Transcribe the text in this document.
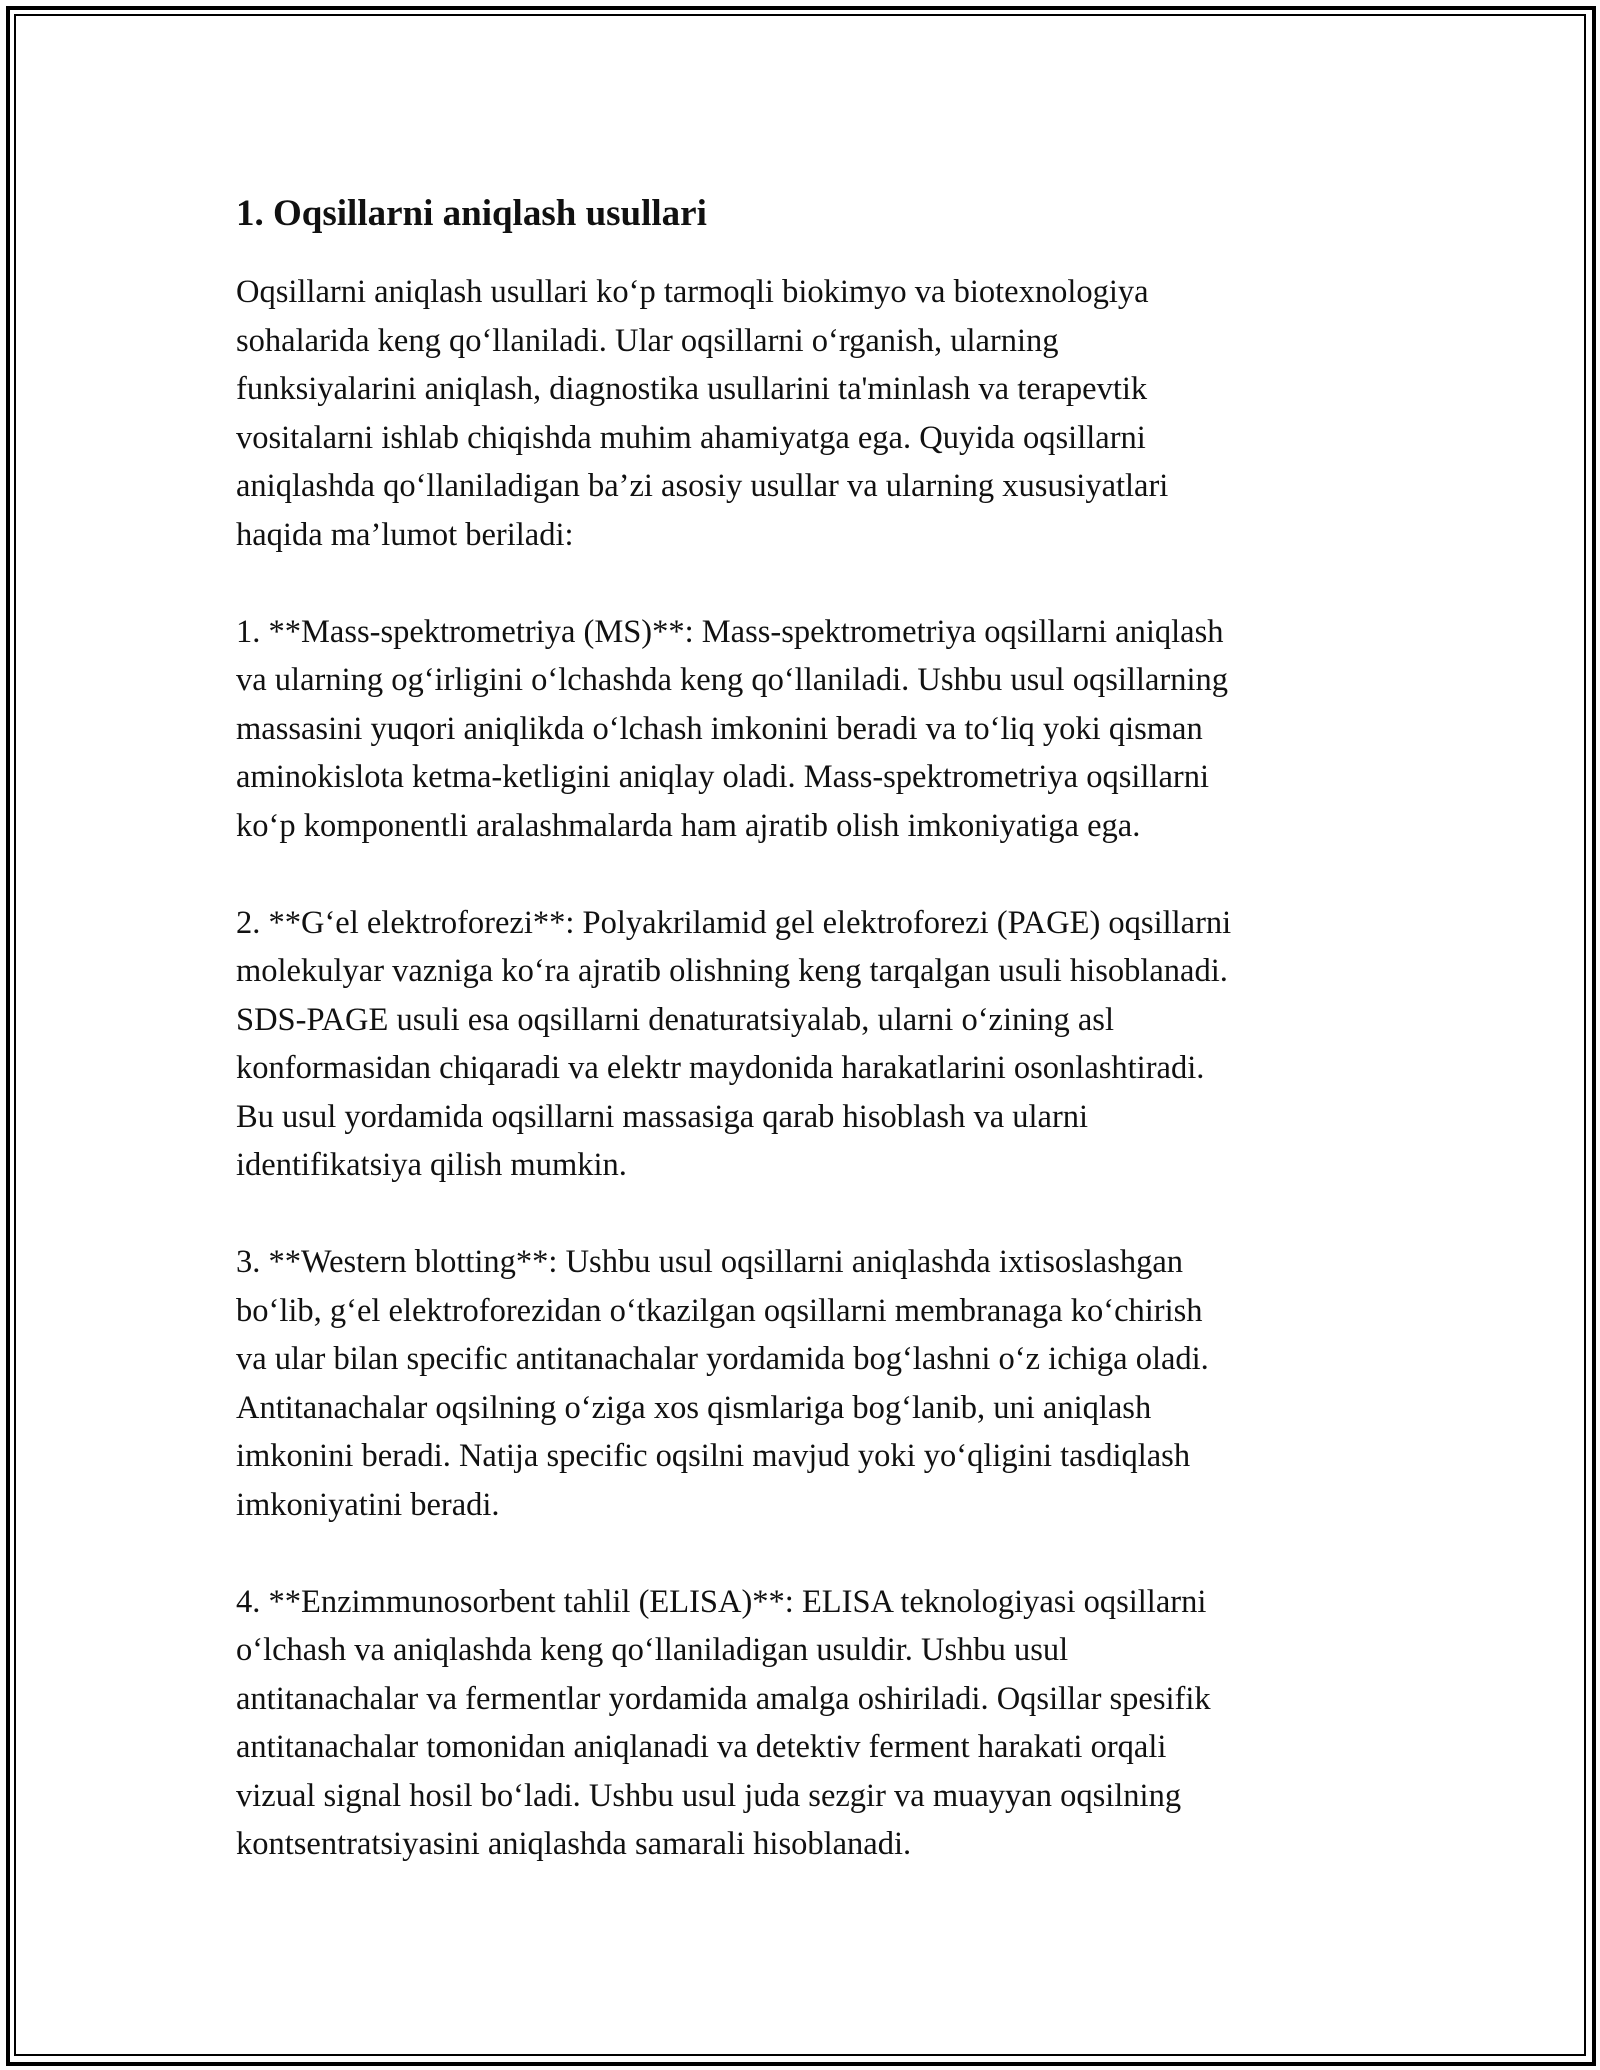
1. Oqsillarni aniqlash usullari

Oqsillarni aniqlash usullari ko‘p tarmoqli biokimyo va biotexnologiya
sohalarida keng qo‘llaniladi. Ular oqsillarni o‘rganish, ularning
funksiyalarini aniqlash, diagnostika usullarini ta'minlash va terapevtik
vositalarni ishlab chiqishda muhim ahamiyatga ega. Quyida oqsillarni
aniqlashda qo‘llaniladigan ba’zi asosiy usullar va ularning xususiyatlari
haqida ma’lumot beriladi:

1. **Mass-spektrometriya (MS)**: Mass-spektrometriya oqsillarni aniqlash
va ularning og‘irligini o‘lchashda keng qo‘llaniladi. Ushbu usul oqsillarning
massasini yuqori aniqlikda o‘lchash imkonini beradi va to‘liq yoki qisman
aminokislota ketma-ketligini aniqlay oladi. Mass-spektrometriya oqsillarni
ko‘p komponentli aralashmalarda ham ajratib olish imkoniyatiga ega.

2. **G‘el elektroforezi**: Polyakrilamid gel elektroforezi (PAGE) oqsillarni
molekulyar vazniga ko‘ra ajratib olishning keng tarqalgan usuli hisoblanadi.
SDS-PAGE usuli esa oqsillarni denaturatsiyalab, ularni o‘zining asl
konformasidan chiqaradi va elektr maydonida harakatlarini osonlashtiradi.
Bu usul yordamida oqsillarni massasiga qarab hisoblash va ularni
identifikatsiya qilish mumkin.

3. **Western blotting**: Ushbu usul oqsillarni aniqlashda ixtisoslashgan
bo‘lib, g‘el elektroforezidan o‘tkazilgan oqsillarni membranaga ko‘chirish
va ular bilan specific antitanachalar yordamida bog‘lashni o‘z ichiga oladi.
Antitanachalar oqsilning o‘ziga xos qismlariga bog‘lanib, uni aniqlash
imkonini beradi. Natija specific oqsilni mavjud yoki yo‘qligini tasdiqlash
imkoniyatini beradi.

4. **Enzimmunosorbent tahlil (ELISA)**: ELISA teknologiyasi oqsillarni
o‘lchash va aniqlashda keng qo‘llaniladigan usuldir. Ushbu usul
antitanachalar va fermentlar yordamida amalga oshiriladi. Oqsillar spesifik
antitanachalar tomonidan aniqlanadi va detektiv ferment harakati orqali
vizual signal hosil bo‘ladi. Ushbu usul juda sezgir va muayyan oqsilning
kontsentratsiyasini aniqlashda samarali hisoblanadi.
